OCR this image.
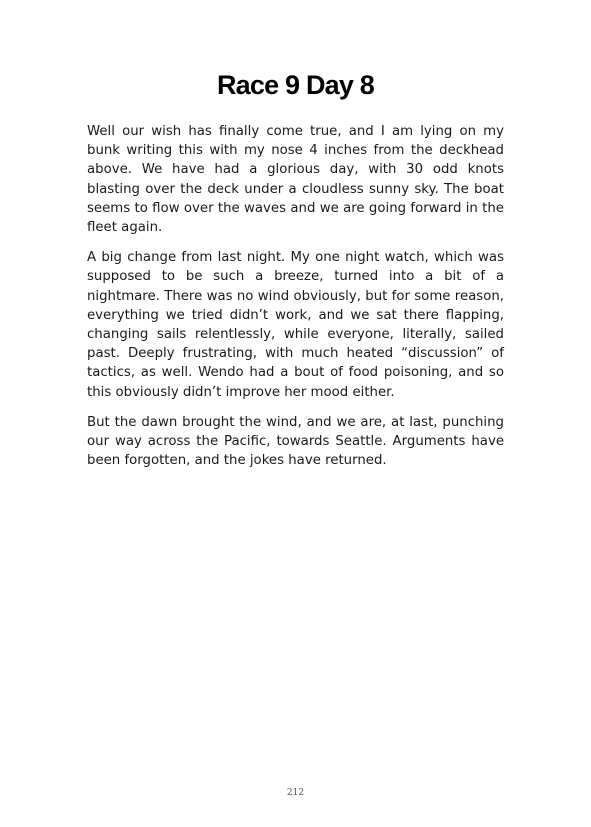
Race 9 Day 8

Well our wish has finally come true, and I am lying on my bunk writing this with my nose 4 inches from the deckhead above. We have had a glorious day, with 30 odd knots blasting over the deck under a cloudless sunny sky. The boat seems to flow over the waves and we are going forward in the fleet again.

A big change from last night. My one night watch, which was supposed to be such a breeze, turned into a bit of a nightmare. There was no wind obviously, but for some reason, everything we tried didn’t work, and we sat there flapping, changing sails relentlessly, while everyone, literally, sailed past. Deeply frustrating, with much heated “discussion” of tactics, as well. Wendo had a bout of food poisoning, and so this obviously didn’t improve her mood either.

But the dawn brought the wind, and we are, at last, punching our way across the Pacific, towards Seattle. Arguments have been forgotten, and the jokes have returned.

212
